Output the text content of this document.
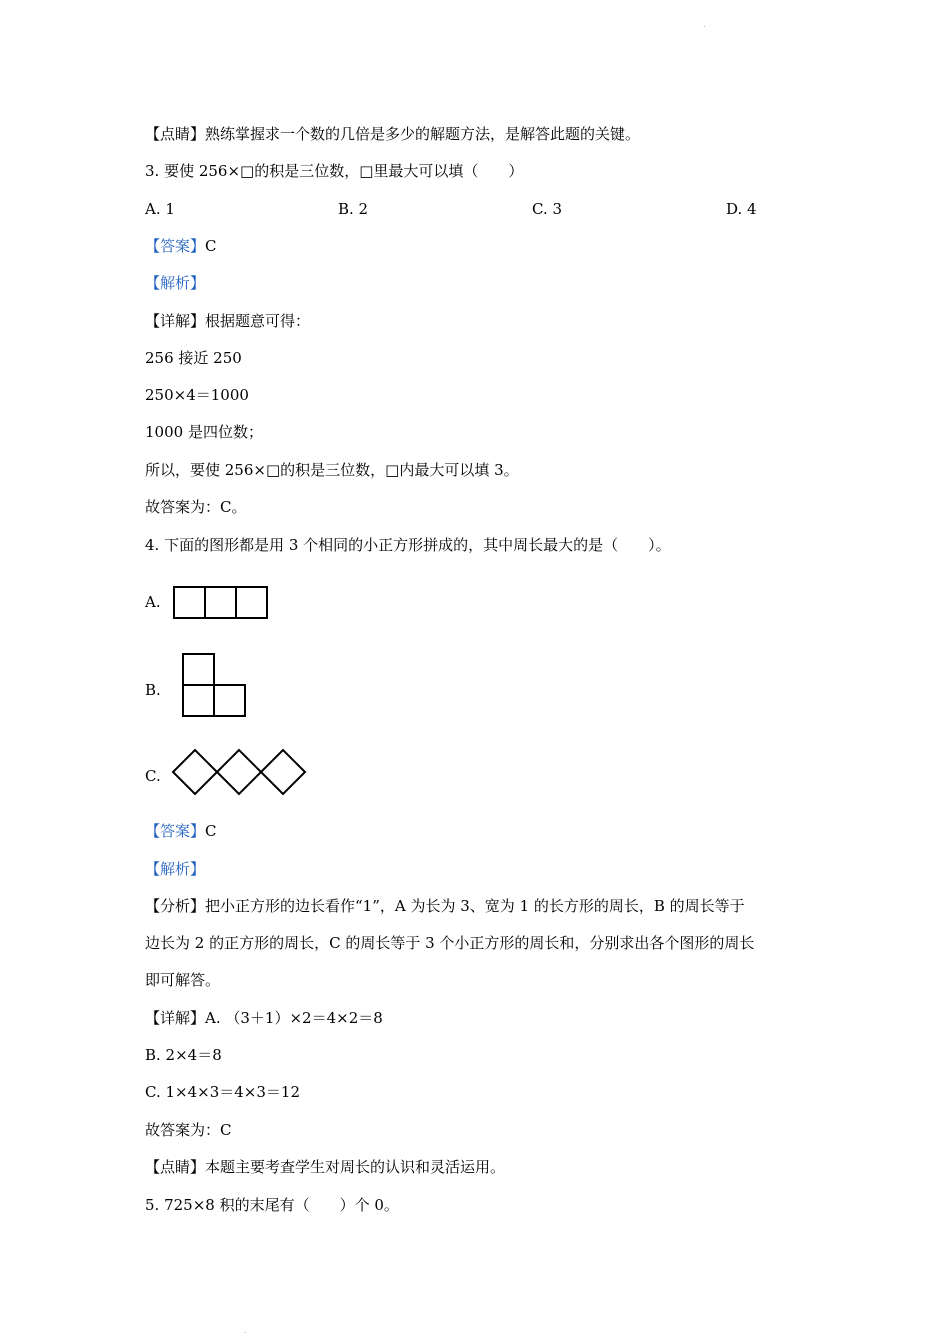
.
【点睛】熟练掌握求一个数的几倍是多少的解题方法，是解答此题的关键。
3. 要使 256×□的积是三位数，□里最大可以填（　　）
A. 1	B. 2	C. 3	D. 4
【答案】C
【解析】
【详解】根据题意可得：
256 接近 250
250×4＝1000
1000 是四位数；
所以，要使 256×□的积是三位数，□内最大可以填 3。
故答案为：C。
4. 下面的图形都是用 3 个相同的小正方形拼成的，其中周长最大的是（　　）。
A.
B.
C.
【答案】C
【解析】
【分析】把小正方形的边长看作“1”，A 为长为 3、宽为 1 的长方形的周长，B 的周长等于
边长为 2 的正方形的周长，C 的周长等于 3 个小正方形的周长和，分别求出各个图形的周长
即可解答。
【详解】A. （3＋1）×2＝4×2＝8
B. 2×4＝8
C. 1×4×3＝4×3＝12
故答案为：C
【点睛】本题主要考查学生对周长的认识和灵活运用。
5. 725×8 积的末尾有（　　）个 0。
.
